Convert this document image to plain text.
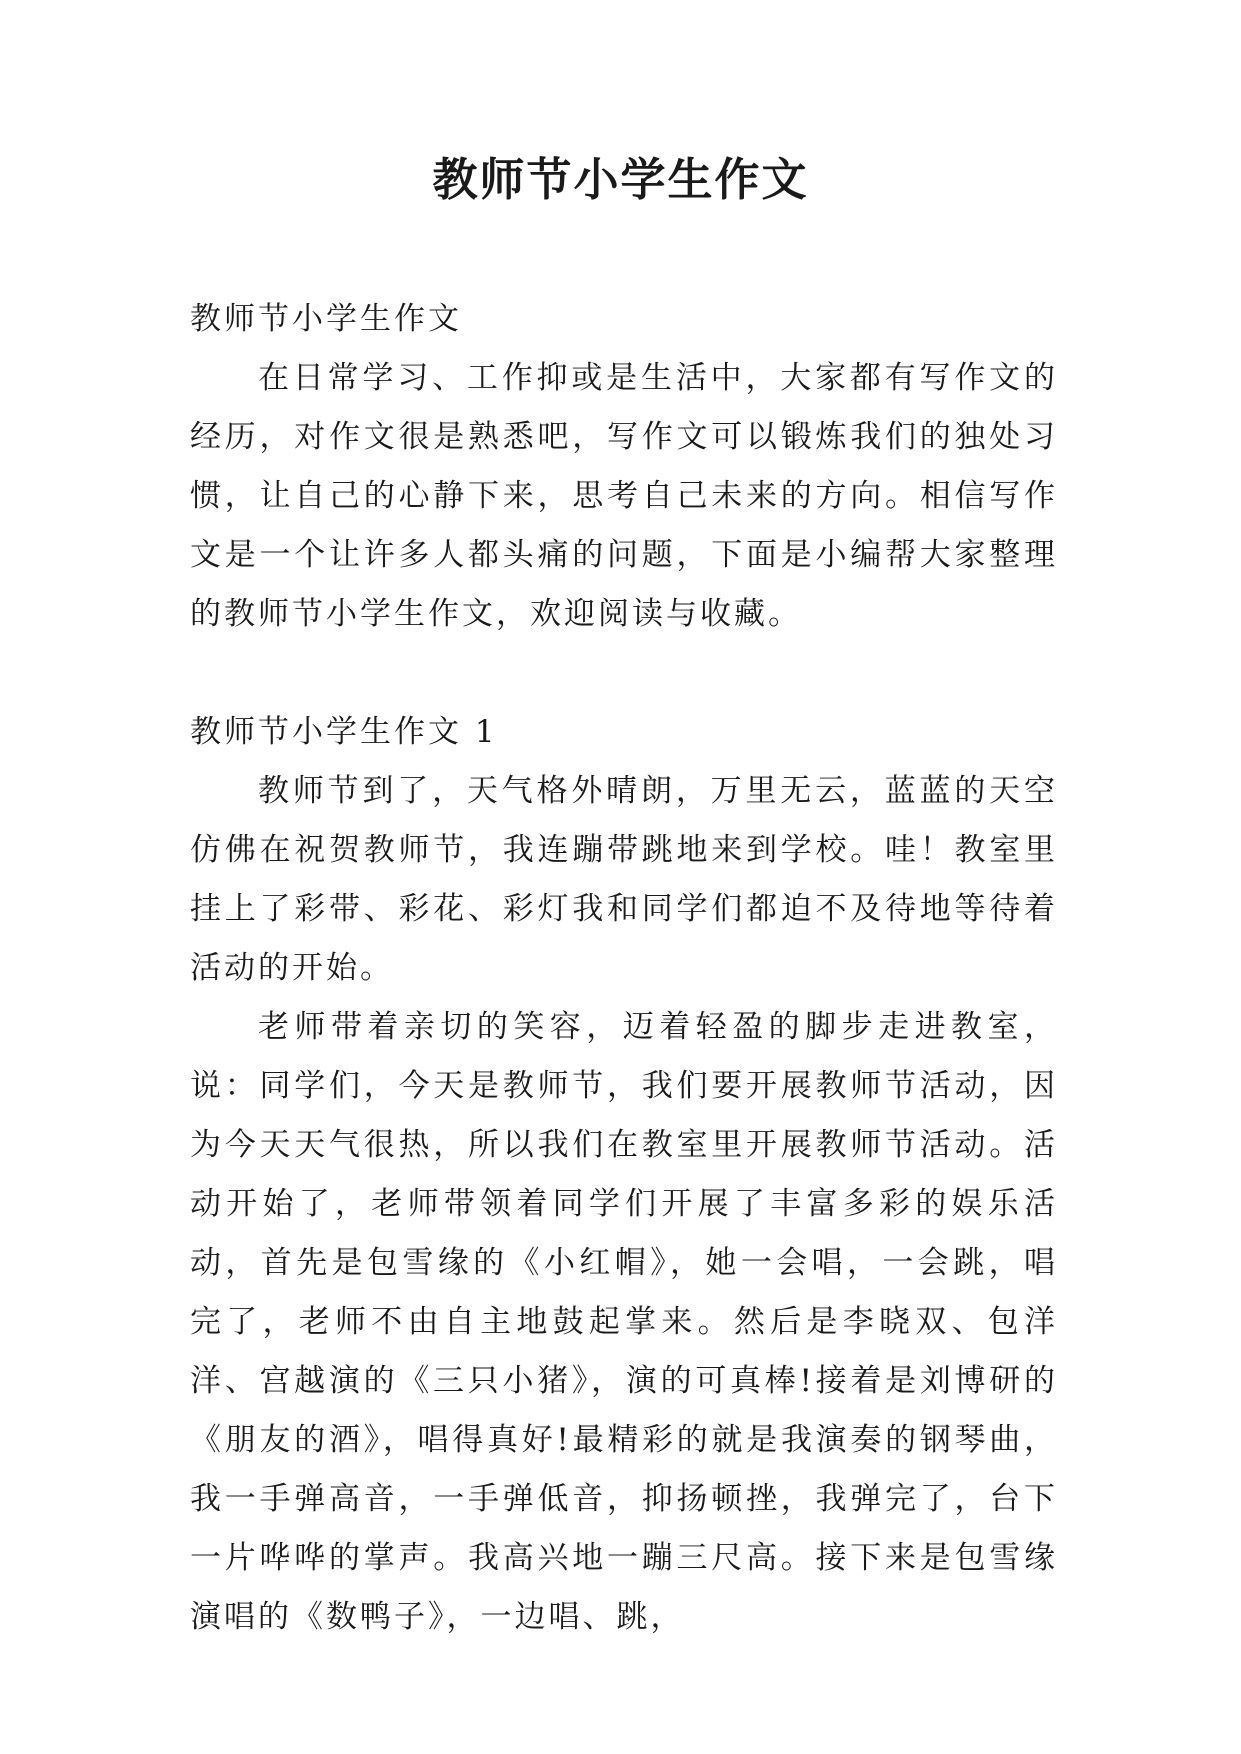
教师节小学生作文

教师节小学生作文

在日常学习、工作抑或是生活中，大家都有写作文的经历，对作文很是熟悉吧，写作文可以锻炼我们的独处习惯，让自己的心静下来，思考自己未来的方向。相信写作文是一个让许多人都头痛的问题，下面是小编帮大家整理的教师节小学生作文，欢迎阅读与收藏。

教师节小学生作文 1

教师节到了，天气格外晴朗，万里无云，蓝蓝的天空仿佛在祝贺教师节，我连蹦带跳地来到学校。哇！教室里挂上了彩带、彩花、彩灯我和同学们都迫不及待地等待着活动的开始。

老师带着亲切的笑容，迈着轻盈的脚步走进教室，说：同学们，今天是教师节，我们要开展教师节活动，因为今天天气很热，所以我们在教室里开展教师节活动。活动开始了，老师带领着同学们开展了丰富多彩的娱乐活动，首先是包雪缘的《小红帽》，她一会唱，一会跳，唱完了，老师不由自主地鼓起掌来。然后是李晓双、包洋洋、宫越演的《三只小猪》，演的可真棒!接着是刘博研的《朋友的酒》，唱得真好!最精彩的就是我演奏的钢琴曲，我一手弹高音，一手弹低音，抑扬顿挫，我弹完了，台下一片哗哗的掌声。我高兴地一蹦三尺高。接下来是包雪缘演唱的《数鸭子》，一边唱、跳，
